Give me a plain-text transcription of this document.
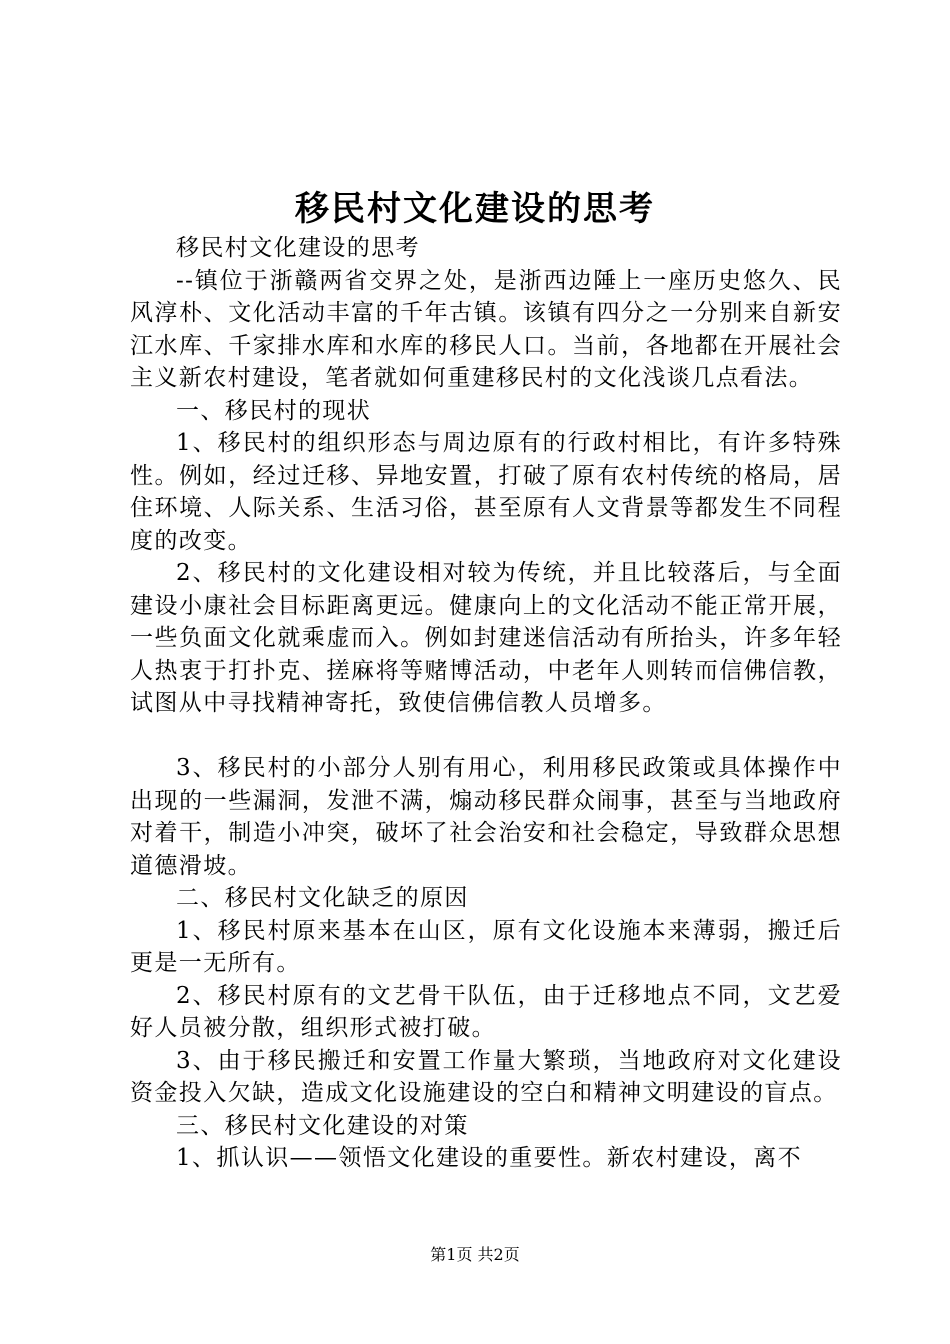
移民村文化建设的思考

移民村文化建设的思考

--镇位于浙赣两省交界之处，是浙西边陲上一座历史悠久、民风淳朴、文化活动丰富的千年古镇。该镇有四分之一分别来自新安江水库、千家排水库和水库的移民人口。当前，各地都在开展社会主义新农村建设，笔者就如何重建移民村的文化浅谈几点看法。

一、移民村的现状

1、移民村的组织形态与周边原有的行政村相比，有许多特殊性。例如，经过迁移、异地安置，打破了原有农村传统的格局，居住环境、人际关系、生活习俗，甚至原有人文背景等都发生不同程度的改变。

2、移民村的文化建设相对较为传统，并且比较落后，与全面建设小康社会目标距离更远。健康向上的文化活动不能正常开展，一些负面文化就乘虚而入。例如封建迷信活动有所抬头，许多年轻人热衷于打扑克、搓麻将等赌博活动，中老年人则转而信佛信教，试图从中寻找精神寄托，致使信佛信教人员增多。

3、移民村的小部分人别有用心，利用移民政策或具体操作中出现的一些漏洞，发泄不满，煽动移民群众闹事，甚至与当地政府对着干，制造小冲突，破坏了社会治安和社会稳定，导致群众思想道德滑坡。

二、移民村文化缺乏的原因

1、移民村原来基本在山区，原有文化设施本来薄弱，搬迁后更是一无所有。

2、移民村原有的文艺骨干队伍，由于迁移地点不同，文艺爱好人员被分散，组织形式被打破。

3、由于移民搬迁和安置工作量大繁琐，当地政府对文化建设资金投入欠缺，造成文化设施建设的空白和精神文明建设的盲点。

三、移民村文化建设的对策

1、抓认识——领悟文化建设的重要性。新农村建设，离不

第1页 共2页
